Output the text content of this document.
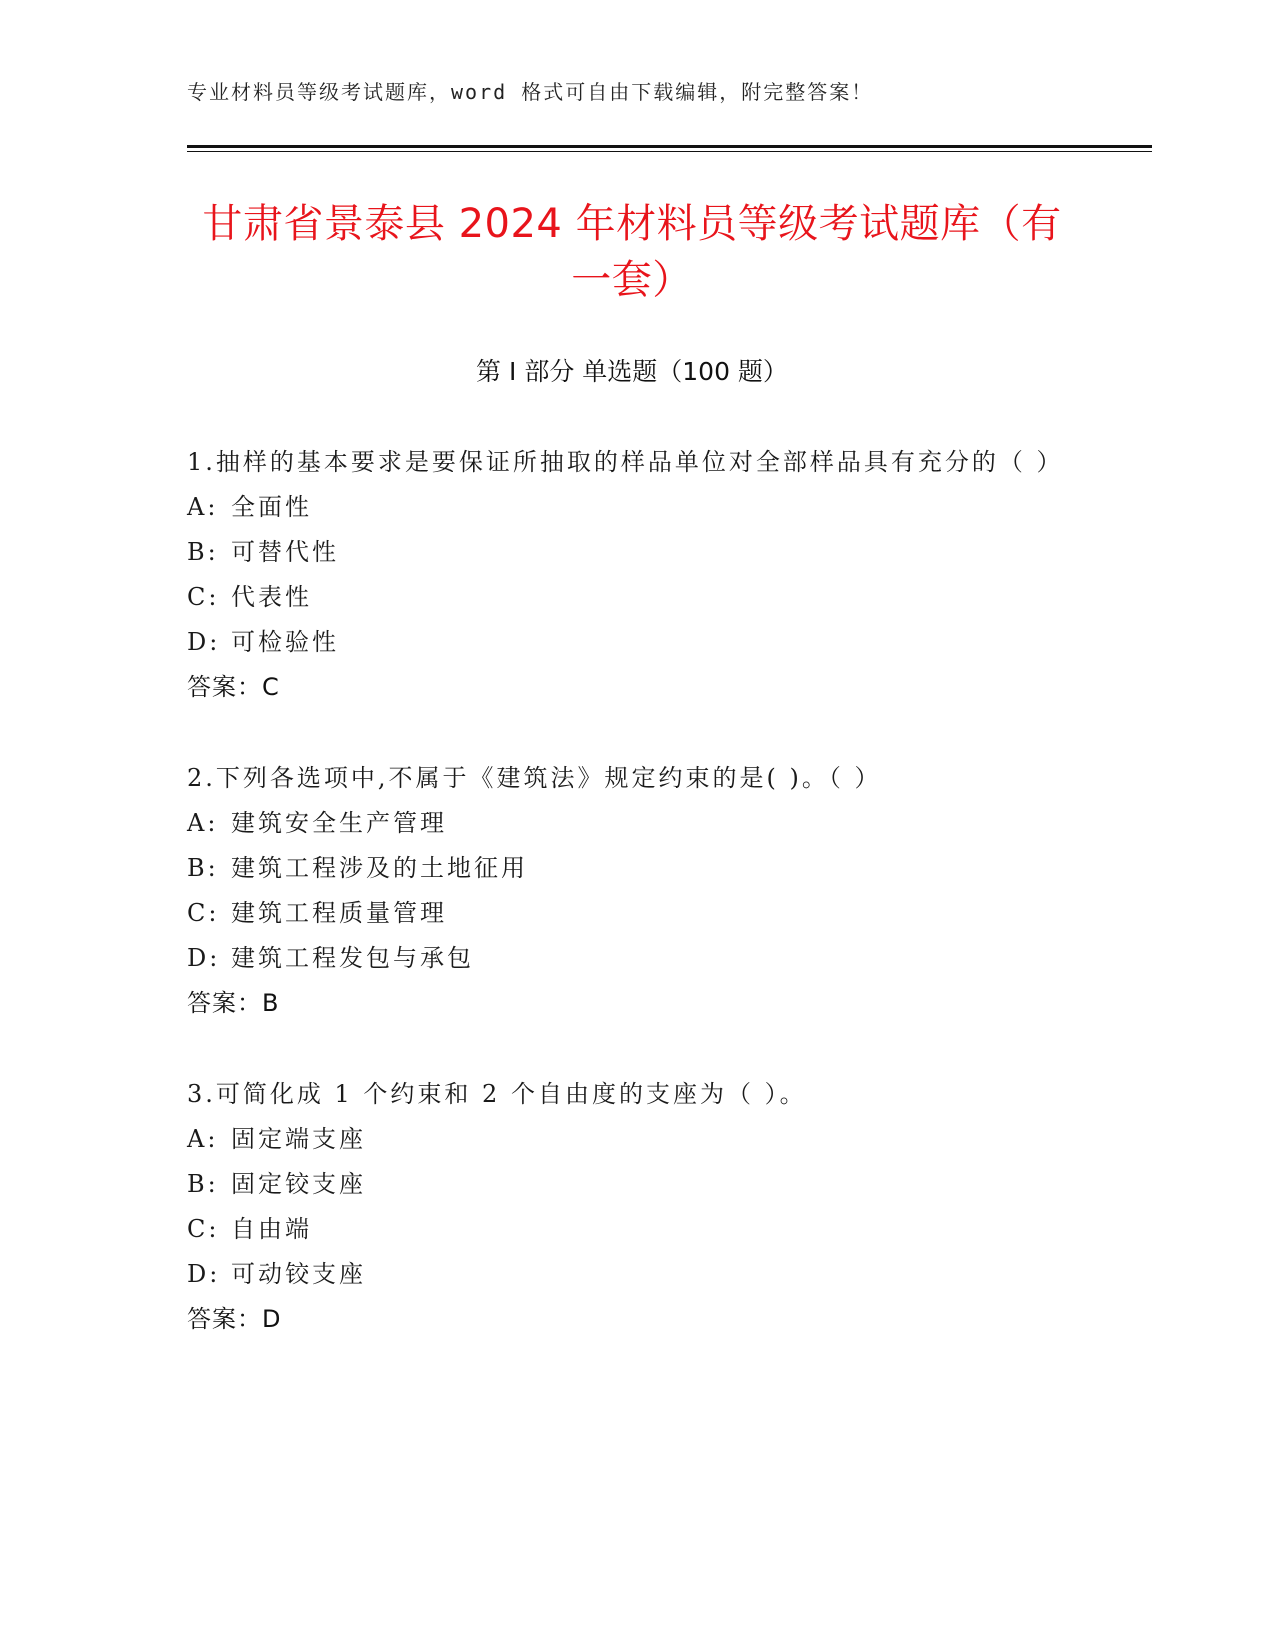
专业材料员等级考试题库，word 格式可自由下载编辑，附完整答案！
甘肃省景泰县 2024 年材料员等级考试题库（有一套）
第 I 部分 单选题（100 题）
1.抽样的基本要求是要保证所抽取的样品单位对全部样品具有充分的（ ）
A: 全面性
B: 可替代性
C: 代表性
D: 可检验性
答案：C
2.下列各选项中,不属于《建筑法》规定约束的是( )。（ ）
A: 建筑安全生产管理
B: 建筑工程涉及的土地征用
C: 建筑工程质量管理
D: 建筑工程发包与承包
答案：B
3.可简化成 1 个约束和 2 个自由度的支座为（ ）。
A: 固定端支座
B: 固定铰支座
C: 自由端
D: 可动铰支座
答案：D
